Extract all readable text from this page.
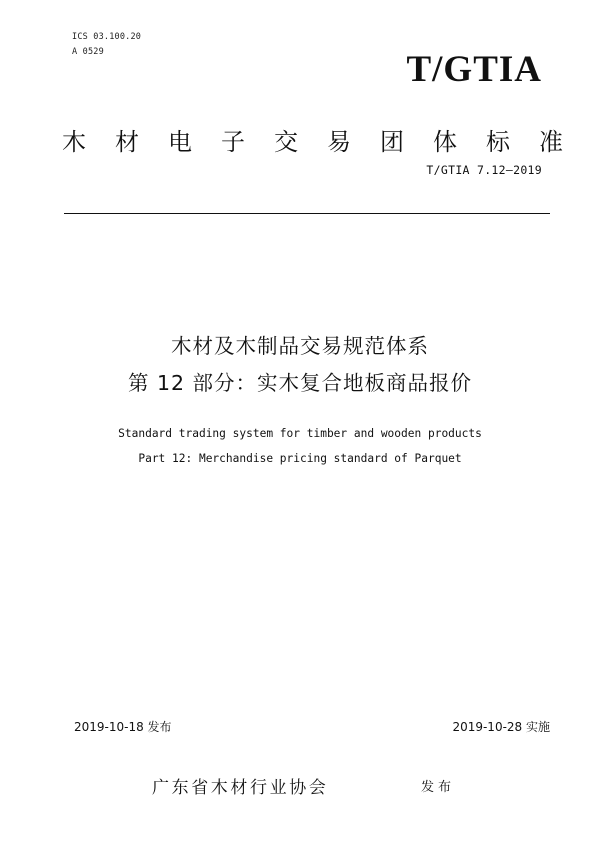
ICS 03.100.20
A 0529	T/GTIA
木材电子交易团体标准
T/GTIA 7.12—2019
木材及木制品交易规范体系
第 12 部分：实木复合地板商品报价
Standard trading system for timber and wooden products
Part 12: Merchandise pricing standard of Parquet
2019-10-18 发布	2019-10-28 实施
广东省木材行业协会	发布
